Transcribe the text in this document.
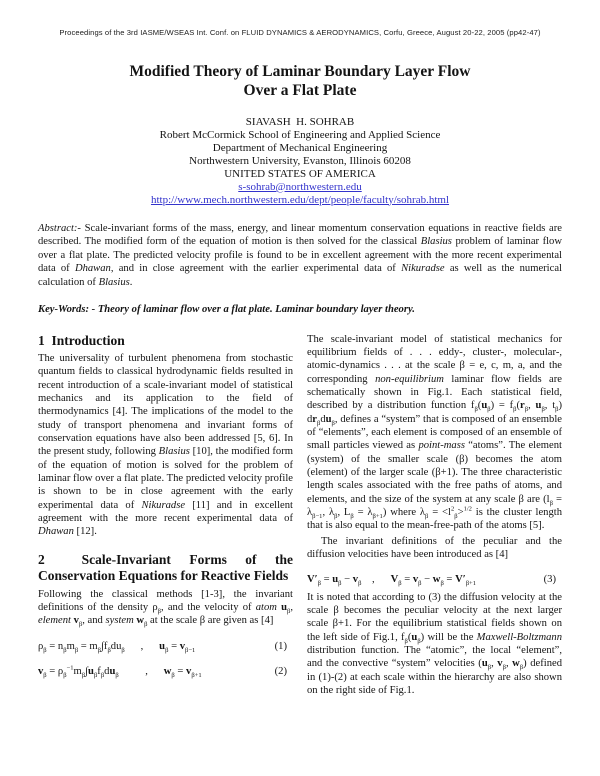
Proceedings of the 3rd IASME/WSEAS Int. Conf. on FLUID DYNAMICS & AERODYNAMICS, Corfu, Greece, August 20-22, 2005 (pp42-47)
Modified Theory of Laminar Boundary Layer Flow
Over a Flat Plate
SIAVASH  H. SOHRAB
Robert McCormick School of Engineering and Applied Science
Department of Mechanical Engineering
Northwestern University, Evanston, Illinois 60208
UNITED STATES OF AMERICA
s-sohrab@northwestern.edu
http://www.mech.northwestern.edu/dept/people/faculty/sohrab.html
Abstract:- Scale-invariant forms of the mass, energy, and linear momentum conservation equations in reactive fields are described. The modified form of the equation of motion is then solved for the classical Blasius problem of laminar flow over a flat plate. The predicted velocity profile is found to be in excellent agreement with the more recent experimental data of Dhawan, and in close agreement with the earlier experimental data of Nikuradse as well as the numerical calculation of Blasius.
Key-Words: - Theory of laminar flow over a flat plate. Laminar boundary layer theory.
1  Introduction

The universality of turbulent phenomena from stochastic quantum fields to classical hydrodynamic fields resulted in recent introduction of a scale-invariant model of statistical mechanics and its application to the field of thermodynamics [4]. The implications of the model to the study of transport phenomena and invariant forms of conservation equations have also been addressed [5, 6]. In the present study, following Blasius [10], the modified form of the equation of motion is solved for the problem of laminar flow over a flat plate. The predicted velocity profile is shown to be in close agreement with the early experimental data of Nikuradse [11] and in excellent agreement with the more recent experimental data of Dhawan [12].

2  Scale-Invariant Forms of the Conservation Equations for Reactive Fields

Following the classical methods [1-3], the invariant definitions of the density $\rho_\beta$, and the velocity of atom $u_\beta$, element $v_\beta$, and system $w_\beta$ at the scale β are given as [4]

$\rho_\beta = n_\beta m_\beta = m_\beta\int f_\beta du_\beta$      ,      $u_\beta = v_{\beta-1}$	(1)
$v_\beta = \rho_\beta^{-1}m_\beta\int u_\beta f_\beta du_\beta$          ,      $w_\beta = v_{\beta+1}$	(2)

The scale-invariant model of statistical mechanics for equilibrium fields of . . . eddy-, cluster-, molecular-, atomic-dynamics . . . at the scale β = e, c, m, a, and the corresponding non-equilibrium laminar flow fields are schematically shown in Fig.1. Each statistical field, described by a distribution function $f_\beta(u_\beta) = f_\beta(r_\beta$, $u_\beta$, $t_\beta$) $dr_\beta du_\beta$, defines a “system” that is composed of an ensemble of “elements”, each element is composed of an ensemble of small particles viewed as point-mass “atoms”. The element (system) of the smaller scale (β) becomes the atom (element) of the larger scale (β+1). The three characteristic length scales associated with the free paths of atoms, and elements, and the size of the system at any scale β are ($l_\beta = \lambda_{\beta-1}$, $\lambda_\beta$, $L_\beta = \lambda_{\beta+1}$) where $\lambda_\beta = <l^2_\beta>^{1/2}$ is the cluster length that is also equal to the mean-free-path of the atoms [5].

The invariant definitions of the peculiar and the diffusion velocities have been introduced as [4]

$V'_\beta = u_\beta - v_\beta$    ,      $V_\beta = v_\beta - w_\beta = V'_{\beta+1}$	(3)

It is noted that according to (3) the diffusion velocity at the scale β becomes the peculiar velocity at the next larger scale β+1. For the equilibrium statistical fields shown on the left side of Fig.1, $f_\beta(u_\beta)$ will be the Maxwell-Boltzmann distribution function. The “atomic”, the local “element”, and the convective “system” velocities ($u_\beta$, $v_\beta$, $w_\beta$) defined in (1)-(2) at each scale within the hierarchy are also shown on the right side of Fig.1.
